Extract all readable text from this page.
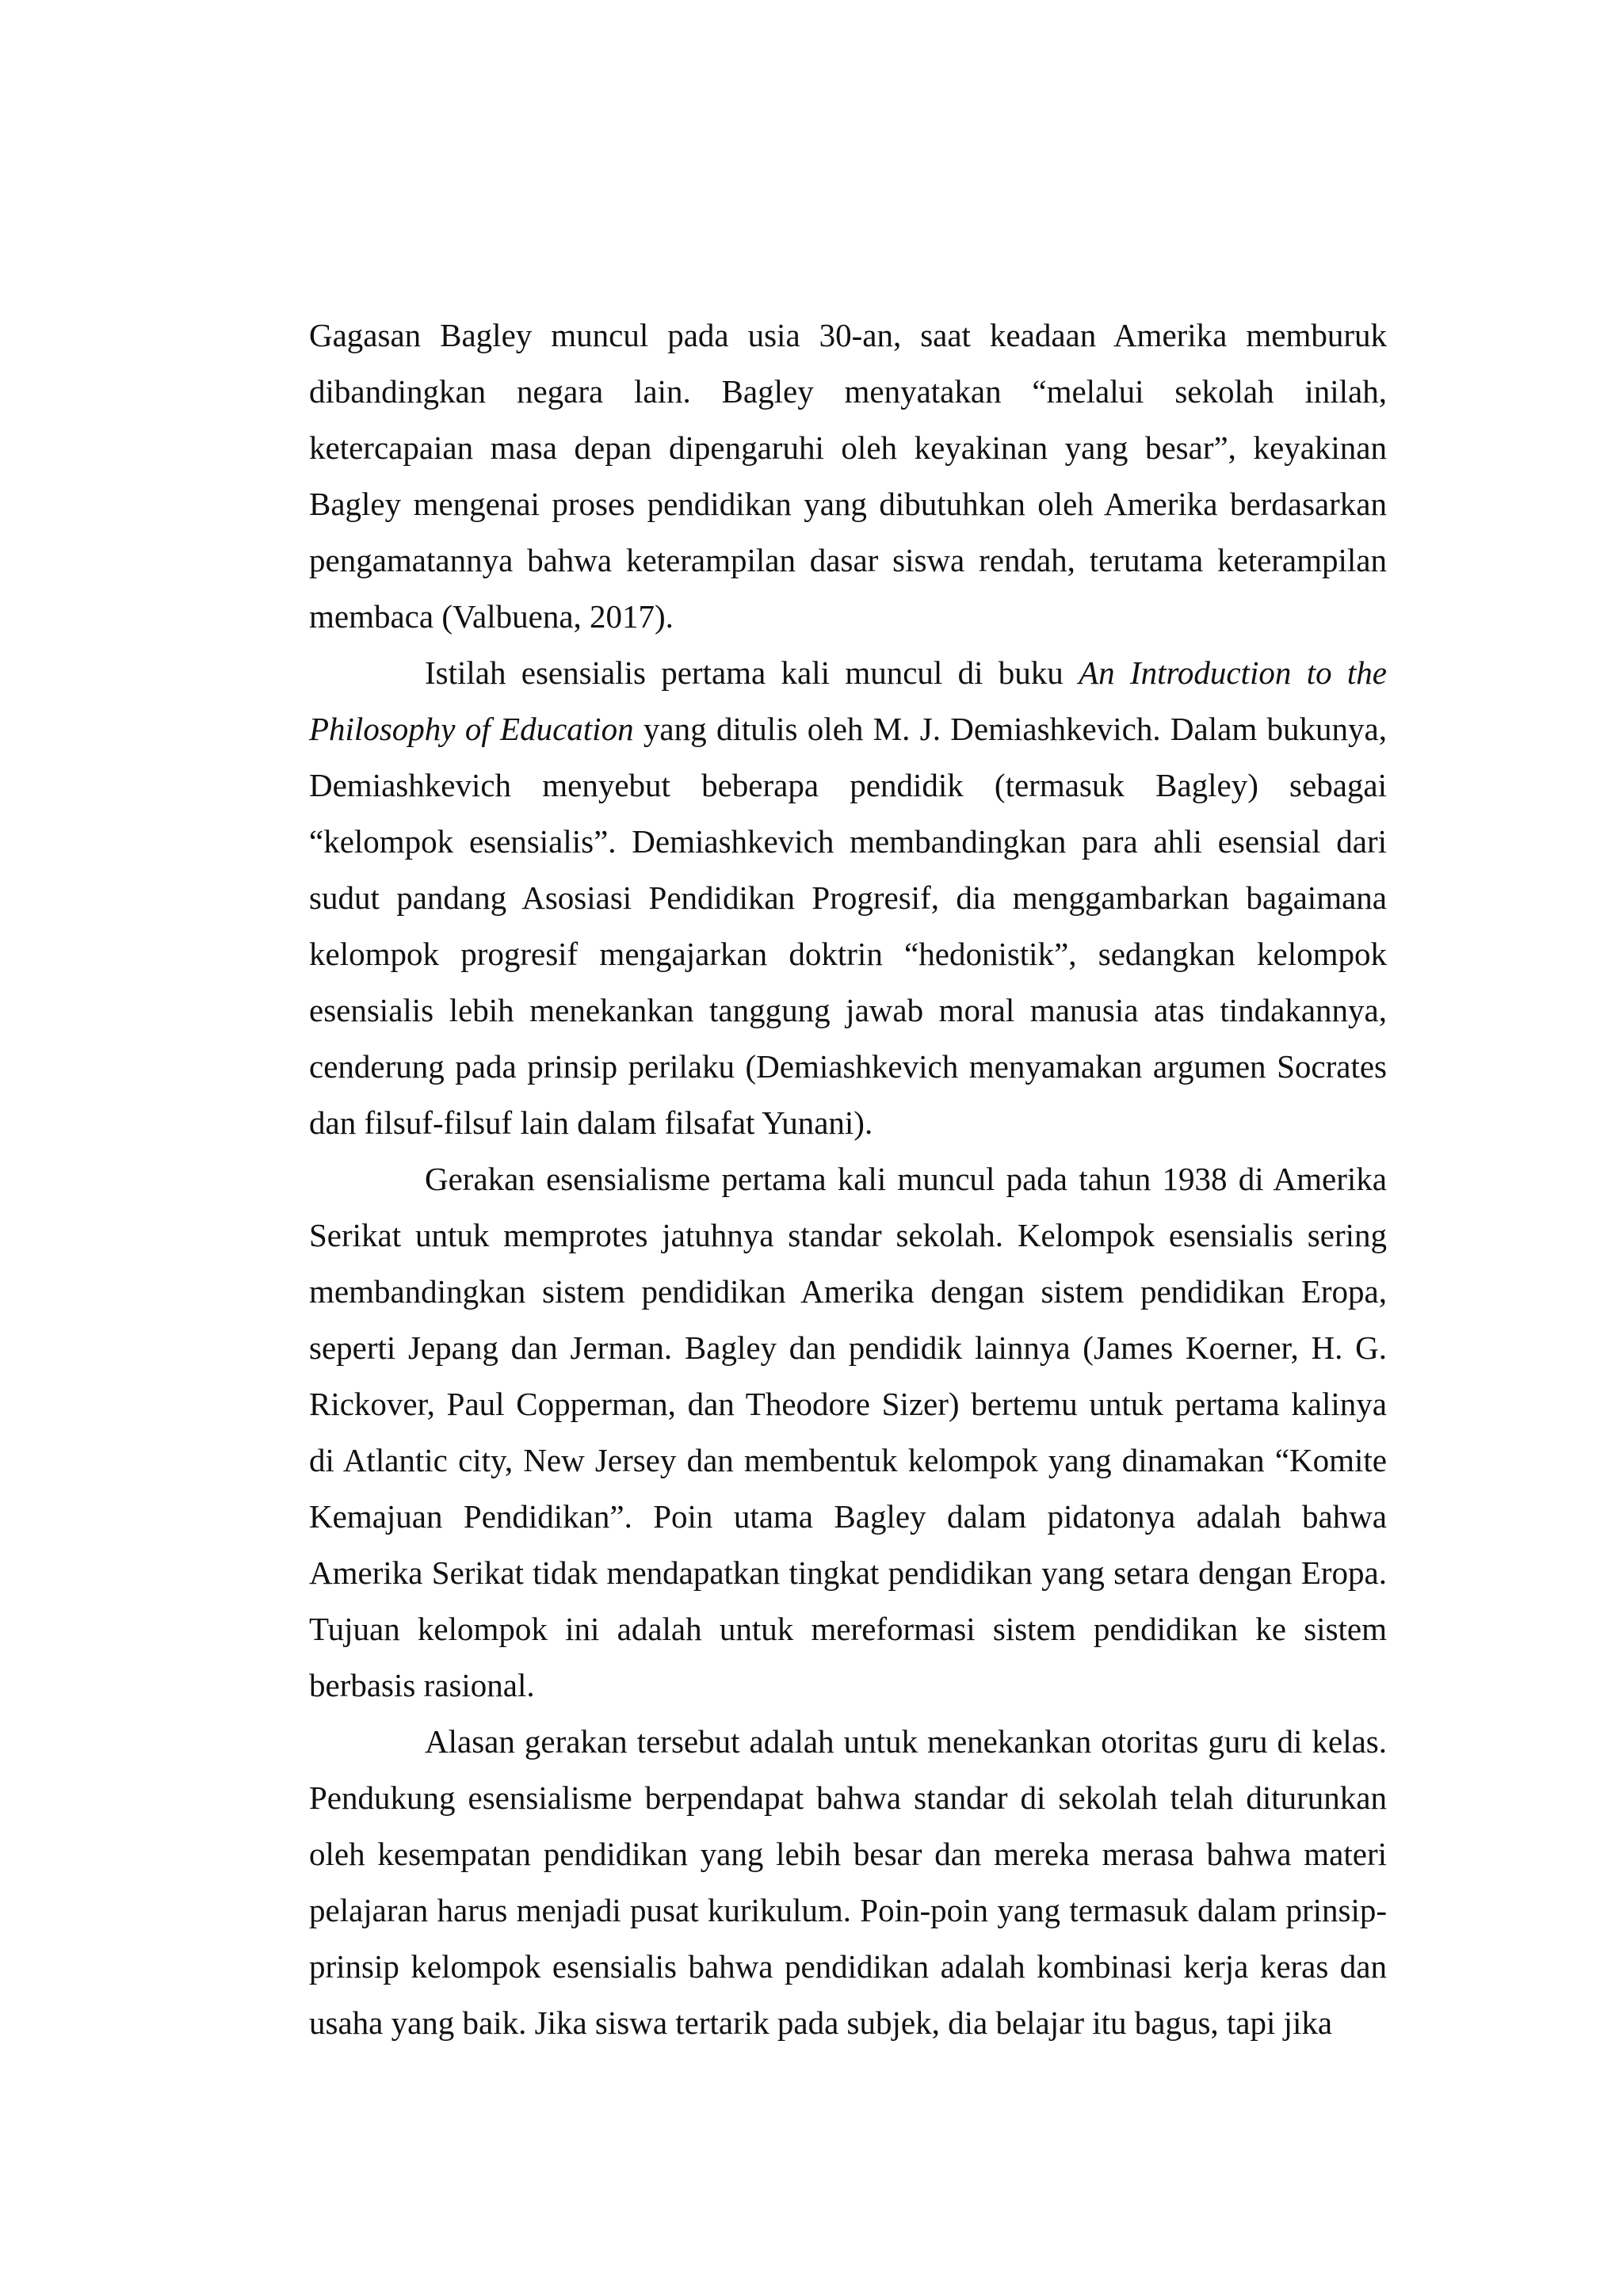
Gagasan Bagley muncul pada usia 30-an, saat keadaan Amerika memburuk dibandingkan negara lain. Bagley menyatakan “melalui sekolah inilah, ketercapaian masa depan dipengaruhi oleh keyakinan yang besar”, keyakinan Bagley mengenai proses pendidikan yang dibutuhkan oleh Amerika berdasarkan pengamatannya bahwa keterampilan dasar siswa rendah, terutama keterampilan membaca (Valbuena, 2017).

Istilah esensialis pertama kali muncul di buku An Introduction to the Philosophy of Education yang ditulis oleh M. J. Demiashkevich. Dalam bukunya, Demiashkevich menyebut beberapa pendidik (termasuk Bagley) sebagai “kelompok esensialis”. Demiashkevich membandingkan para ahli esensial dari sudut pandang Asosiasi Pendidikan Progresif, dia menggambarkan bagaimana kelompok progresif mengajarkan doktrin “hedonistik”, sedangkan kelompok esensialis lebih menekankan tanggung jawab moral manusia atas tindakannya, cenderung pada prinsip perilaku (Demiashkevich menyamakan argumen Socrates dan filsuf-filsuf lain dalam filsafat Yunani).

Gerakan esensialisme pertama kali muncul pada tahun 1938 di Amerika Serikat untuk memprotes jatuhnya standar sekolah. Kelompok esensialis sering membandingkan sistem pendidikan Amerika dengan sistem pendidikan Eropa, seperti Jepang dan Jerman. Bagley dan pendidik lainnya (James Koerner, H. G. Rickover, Paul Copperman, dan Theodore Sizer) bertemu untuk pertama kalinya di Atlantic city, New Jersey dan membentuk kelompok yang dinamakan “Komite Kemajuan Pendidikan”. Poin utama Bagley dalam pidatonya adalah bahwa Amerika Serikat tidak mendapatkan tingkat pendidikan yang setara dengan Eropa. Tujuan kelompok ini adalah untuk mereformasi sistem pendidikan ke sistem berbasis rasional.

Alasan gerakan tersebut adalah untuk menekankan otoritas guru di kelas. Pendukung esensialisme berpendapat bahwa standar di sekolah telah diturunkan oleh kesempatan pendidikan yang lebih besar dan mereka merasa bahwa materi pelajaran harus menjadi pusat kurikulum. Poin-poin yang termasuk dalam prinsip-prinsip kelompok esensialis bahwa pendidikan adalah kombinasi kerja keras dan usaha yang baik. Jika siswa tertarik pada subjek, dia belajar itu bagus, tapi jika
